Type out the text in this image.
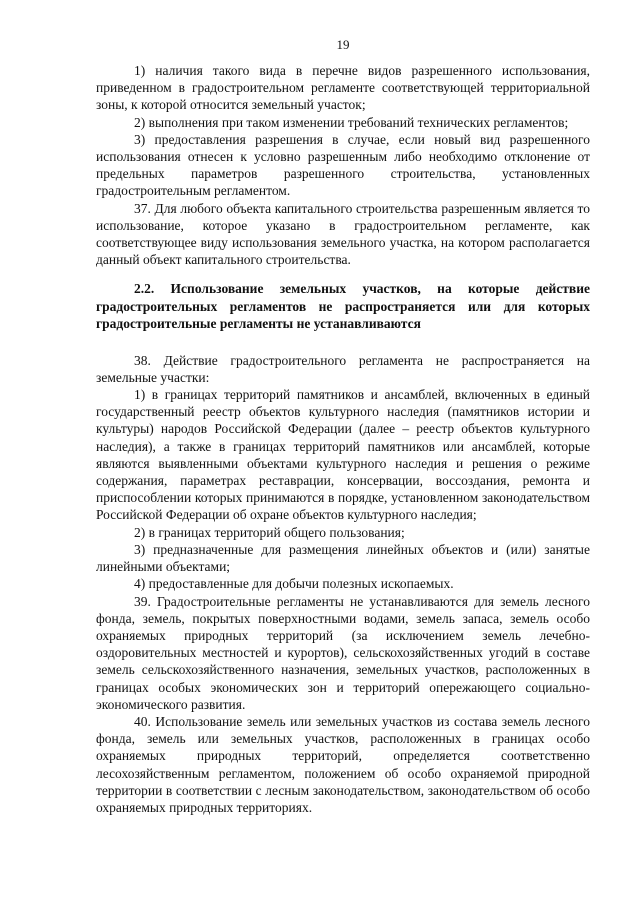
19

1) наличия такого вида в перечне видов разрешенного использования, приведенном в градостроительном регламенте соответствующей территориальной зоны, к которой относится земельный участок;

2) выполнения при таком изменении требований технических регламентов;

3) предоставления разрешения в случае, если новый вид разрешенного использования отнесен к условно разрешенным либо необходимо отклонение от предельных параметров разрешенного строительства, установленных градостроительным регламентом.

37. Для любого объекта капитального строительства разрешенным является то использование, которое указано в градостроительном регламенте, как соответствующее виду использования земельного участка, на котором располагается данный объект капитального строительства.

2.2. Использование земельных участков, на которые действие градостроительных регламентов не распространяется или для которых градостроительные регламенты не устанавливаются

38. Действие градостроительного регламента не распространяется на земельные участки:

1) в границах территорий памятников и ансамблей, включенных в единый государственный реестр объектов культурного наследия (памятников истории и культуры) народов Российской Федерации (далее – реестр объектов культурного наследия), а также в границах территорий памятников или ансамблей, которые являются выявленными объектами культурного наследия и решения о режиме содержания, параметрах реставрации, консервации, воссоздания, ремонта и приспособлении которых принимаются в порядке, установленном законодательством Российской Федерации об охране объектов культурного наследия;

2) в границах территорий общего пользования;

3) предназначенные для размещения линейных объектов и (или) занятые линейными объектами;

4) предоставленные для добычи полезных ископаемых.

39. Градостроительные регламенты не устанавливаются для земель лесного фонда, земель, покрытых поверхностными водами, земель запаса, земель особо охраняемых природных территорий (за исключением земель лечебно-оздоровительных местностей и курортов), сельскохозяйственных угодий в составе земель сельскохозяйственного назначения, земельных участков, расположенных в границах особых экономических зон и территорий опережающего социально-экономического развития.

40. Использование земель или земельных участков из состава земель лесного фонда, земель или земельных участков, расположенных в границах особо охраняемых природных территорий, определяется соответственно лесохозяйственным регламентом, положением об особо охраняемой природной территории в соответствии с лесным законодательством, законодательством об особо охраняемых природных территориях.
